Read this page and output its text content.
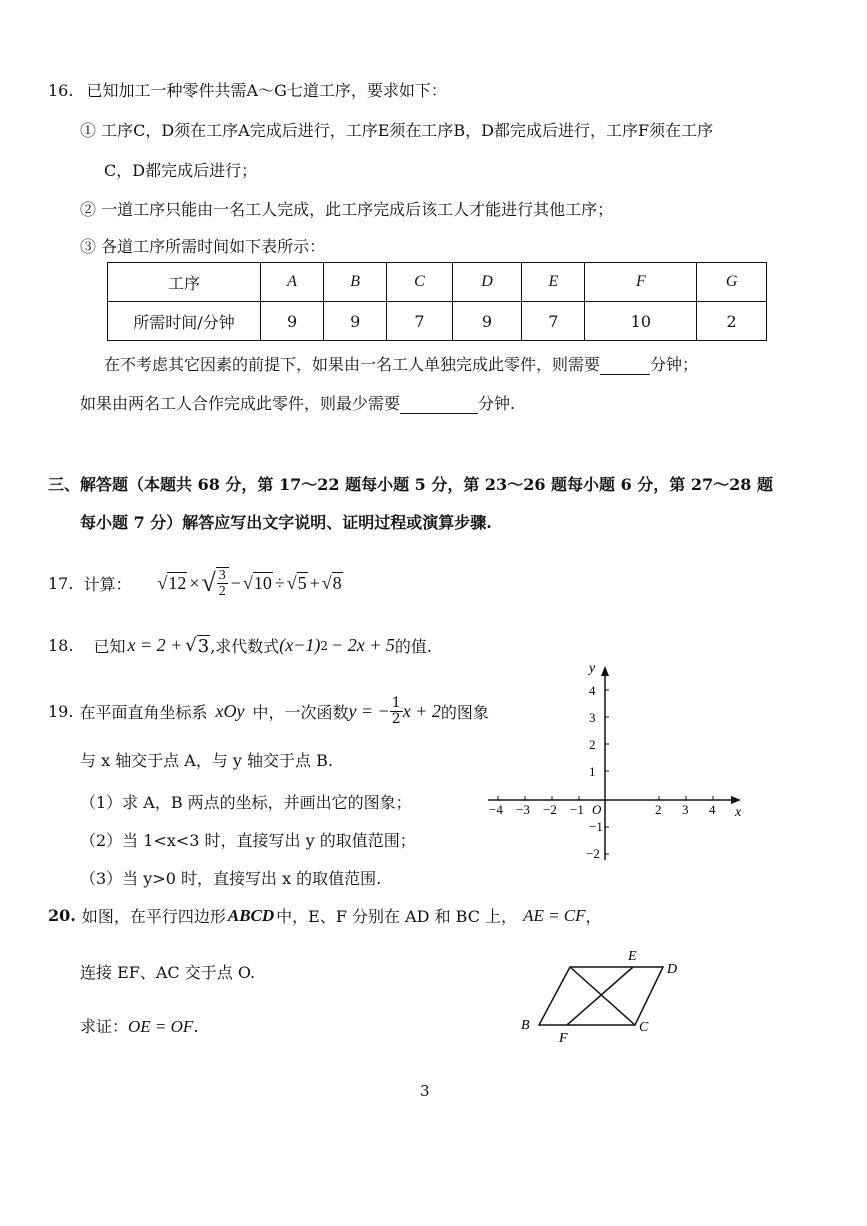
16. 已知加工一种零件共需A～G七道工序，要求如下：
① 工序C，D须在工序A完成后进行，工序E须在工序B，D都完成后进行，工序F须在工序
C，D都完成后进行；
② 一道工序只能由一名工人完成，此工序完成后该工人才能进行其他工序；
③ 各道工序所需时间如下表所示：
工序	A	B	C	D	E	F	G
所需时间/分钟	9	9	7	9	7	10	2
在不考虑其它因素的前提下，如果由一名工人单独完成此零件，则需要	分钟；
如果由两名工人合作完成此零件，则最少需要	分钟.
三、解答题（本题共 68 分，第 17～22 题每小题 5 分，第 23～26 题每小题 6 分，第 27～28 题
每小题 7 分）解答应写出文字说明、证明过程或演算步骤.
17. 计算： √ 12 × √ $\frac{3}{2}$ − √ 10 ÷ √ 5 + √ 8
18. 已知 x = 2 + √ 3 ,求代数式 (x−1) 2 − 2x + 5 的值.
19. 在平面直角坐标系 xOy 中，一次函数 y = − $\frac{1}{2}$ x + 2 的图象
与 x 轴交于点 A，与 y 轴交于点 B.
（1）求 A，B 两点的坐标，并画出它的图象；
（2）当 1<x<3 时，直接写出 y 的取值范围；
（3）当 y>0 时，直接写出 x 的取值范围.
x
y
O
−4 −3 −2 −1	2 3 4
4
3
2
1
−1
−2
20. 如图，在平行四边形 ABCD 中，E、F 分别在 AD 和 BC 上， AE = CF ，
连接 EF、AC 交于点 O.
求证：OE = OF.
E
D
B
F
C
3
